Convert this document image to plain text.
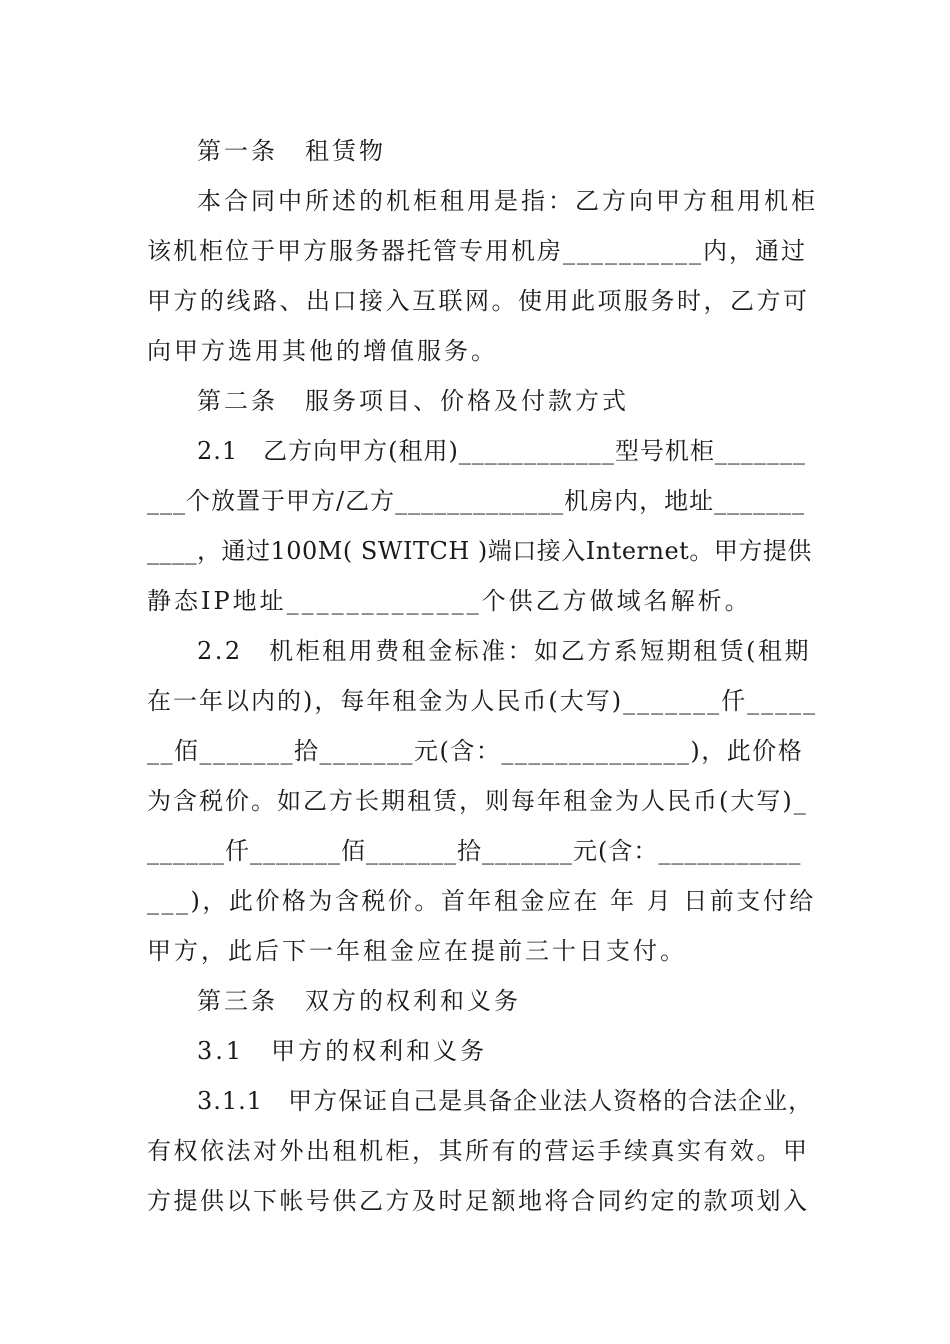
第一条　租赁物
本合同中所述的机柜租用是指：乙方向甲方租用机柜
该机柜位于甲方服务器托管专用机房__________内，通过
甲方的线路、出口接入互联网。使用此项服务时，乙方可
向甲方选用其他的增值服务。
第二条　服务项目、价格及付款方式
2.1　乙方向甲方(租用)____________型号机柜_______
___个放置于甲方/乙方_____________机房内，地址_______
____，通过100M( SWITCH )端口接入Internet。甲方提供
静态IP地址_____________个供乙方做域名解析。
2.2　机柜租用费租金标准：如乙方系短期租赁(租期
在一年以内的)，每年租金为人民币(大写)_______仟_____
__佰_______拾_______元(含：______________)，此价格
为含税价。如乙方长期租赁，则每年租金为人民币(大写)_
______仟_______佰_______拾_______元(含：___________
___)，此价格为含税价。首年租金应在 年 月 日前支付给
甲方，此后下一年租金应在提前三十日支付。
第三条　双方的权利和义务
3.1　甲方的权利和义务
3.1.1　甲方保证自己是具备企业法人资格的合法企业，
有权依法对外出租机柜，其所有的营运手续真实有效。甲
方提供以下帐号供乙方及时足额地将合同约定的款项划入
